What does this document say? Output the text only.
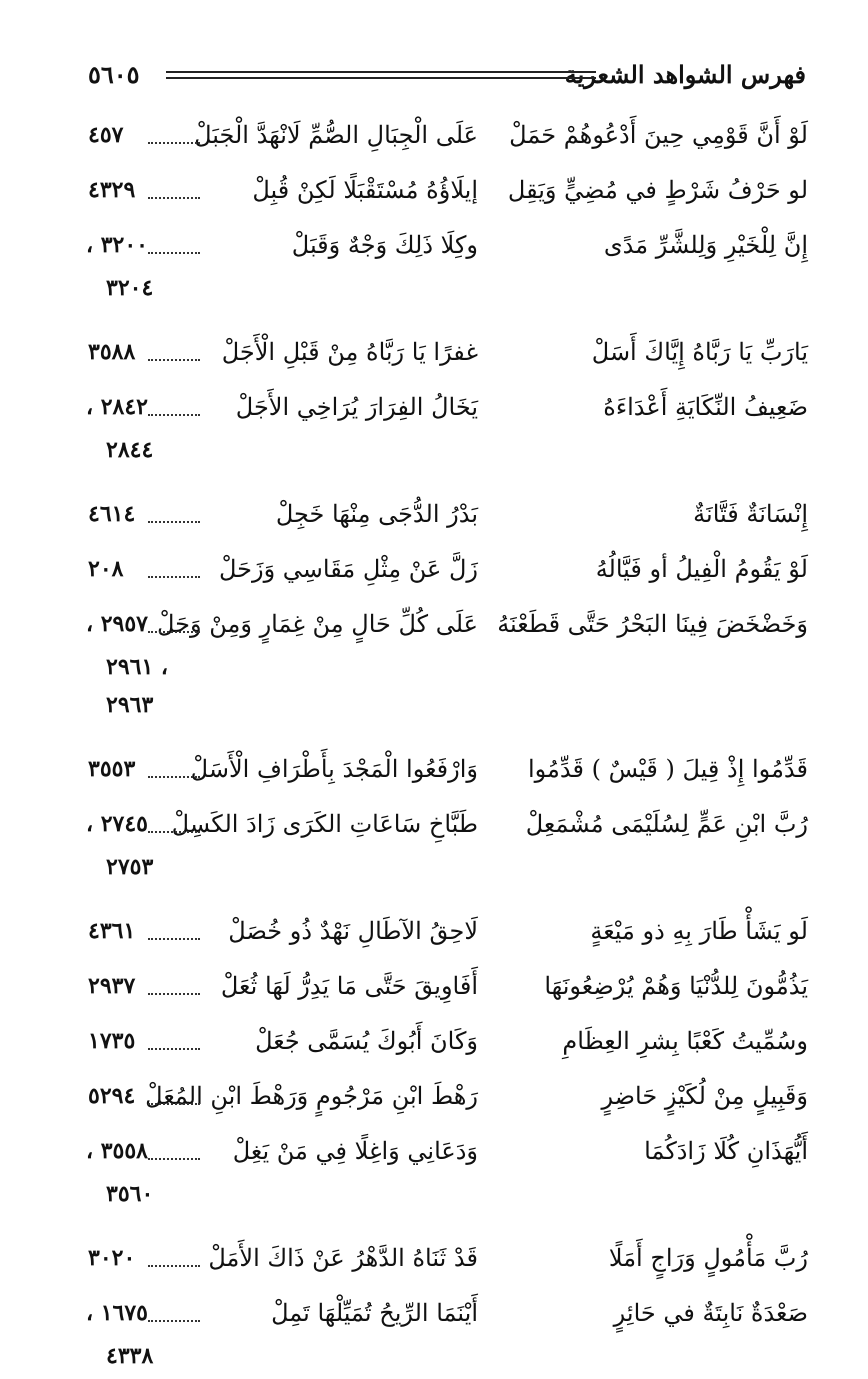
فهرس الشواهد الشعرية
٥٦٠٥
لَوْ أَنَّ قَوْمِي حِينَ أَدْعُوهُمْ حَمَلْ
عَلَى الْجِبَالِ الصُّمِّ لَانْهَدَّ الْجَبَلْ
٤٥٧
لو حَرْفُ شَرْطٍ في مُضِيٍّ وَيَقِل
إيلَاؤُهُ مُسْتَقْبَلًا لَكِنْ قُبِلْ
٤٣٢٩
إِنَّ لِلْخَيْرِ وَلِلشَّرِّ مَدًى
وكِلَا ذَلِكَ وَجْهٌ وَقَبَلْ
٣٢٠٠ ،
٣٢٠٤
يَارَبِّ يَا رَبَّاهُ إِيَّاكَ أَسَلْ
غفرًا يَا رَبَّاهُ مِنْ قَبْلِ الْأَجَلْ
٣٥٨٨
ضَعِيفُ النِّكَايَةِ أَعْدَاءَهُ
يَخَالُ الفِرَارَ يُرَاخِي الأَجَلْ
٢٨٤٢ ،
٢٨٤٤
إِنْسَانَةٌ فَتَّانَةٌ
بَدْرُ الدُّجَى مِنْهَا خَجِلْ
٤٦١٤
لَوْ يَقُومُ الْفِيلُ أو فَيَّالُهُ
زَلَّ عَنْ مِثْلِ مَقَاسِي وَزَحَلْ
٢٠٨
وَخَضْخَضَ فِينَا البَحْرُ حَتَّى قَطَعْنَهُ
عَلَى كُلِّ حَالٍ مِنْ غِمَارٍ وَمِنْ وَحَلْ
٢٩٥٧ ،
٢٩٦١ ،
٢٩٦٣
قَدِّمُوا إِذْ قِيلَ ( قَيْسٌ ) قَدِّمُوا
وَارْفَعُوا الْمَجْدَ بِأَطْرَافِ الْأَسَلْ
٣٥٥٣
رُبَّ ابْنِ عَمٍّ لِسُلَيْمَى مُشْمَعِلْ
طَبَّاخِ سَاعَاتِ الكَرَى زَادَ الكَسِلْ
٢٧٤٥ ،
٢٧٥٣
لَو يَشَأْ طَارَ بِهِ ذو مَيْعَةٍ
لَاحِقُ الآطَالِ نَهْدٌ ذُو خُصَلْ
٤٣٦١
يَذُمُّونَ لِلدُّنْيَا وَهُمْ يُرْضِعُونَهَا
أَفَاوِيقَ حَتَّى مَا يَدِرُّ لَهَا ثُعَلْ
٢٩٣٧
وسُمِّيتُ كَعْبًا بِشرِ العِظَامِ
وَكَانَ أَبُوكَ يُسَمَّى جُعَلْ
١٧٣٥
وَقَبِيلٍ مِنْ لُكَيْزٍ حَاضِرٍ
رَهْطَ ابْنِ مَرْجُومٍ وَرَهْطَ ابْنِ المُعَلْ
٥٢٩٤
أَيُّهَذَانِ كُلَا زَادَكُمَا
وَدَعَانِي وَاغِلًا فِي مَنْ يَغِلْ
٣٥٥٨ ،
٣٥٦٠
رُبَّ مَأْمُولٍ وَرَاجٍ أَمَلًا
قَدْ ثَنَاهُ الدَّهْرُ عَنْ ذَاكَ الأَمَلْ
٣٠٢٠
صَعْدَةٌ نَابِتَةٌ في حَائِرٍ
أَيْنَمَا الرِّيحُ تُمَيِّلْهَا تَمِلْ
١٦٧٥ ،
٤٣٣٨
